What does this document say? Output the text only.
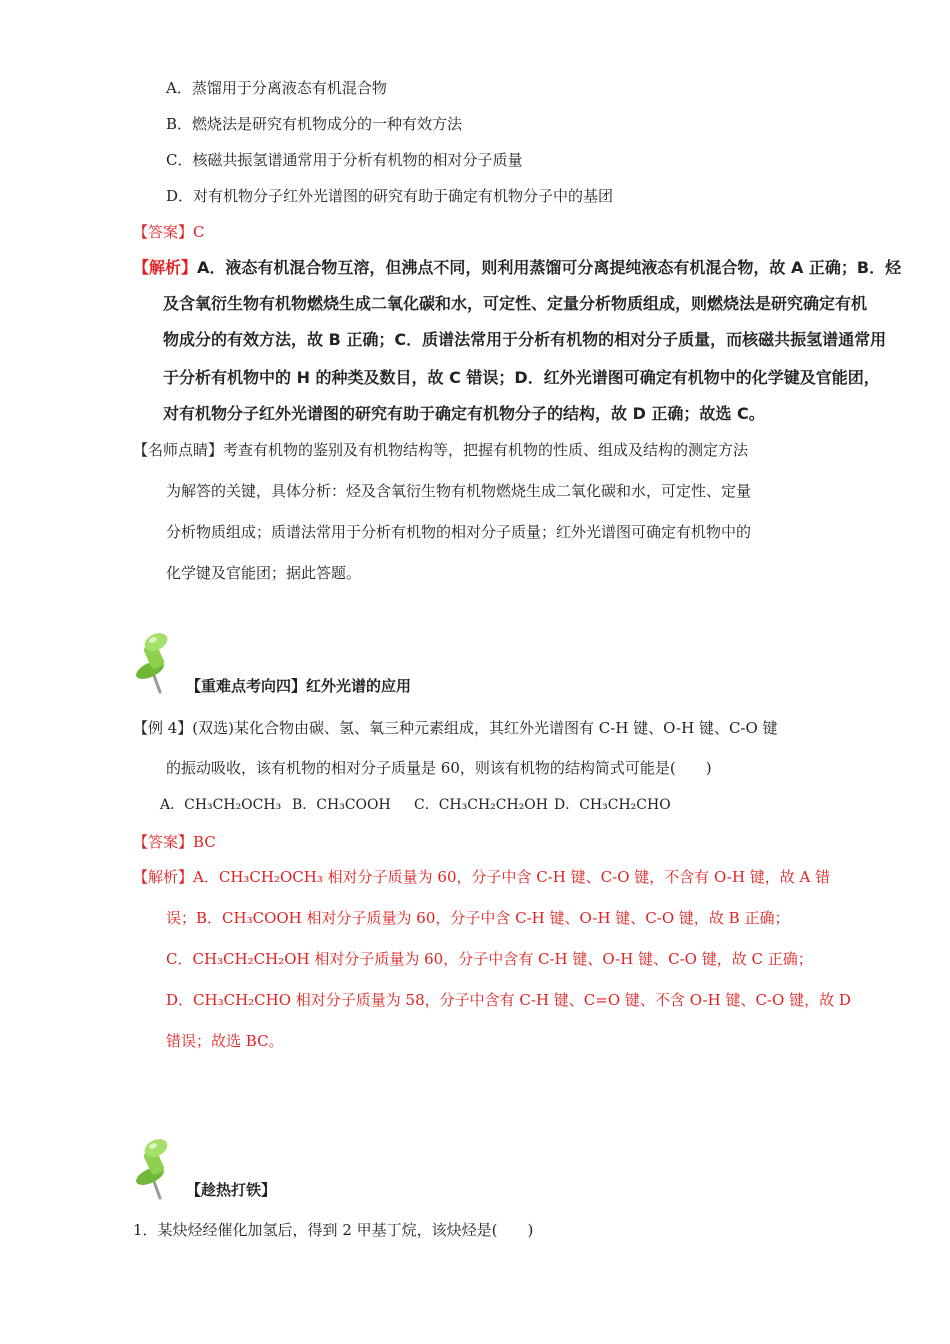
A．蒸馏用于分离液态有机混合物
B．燃烧法是研究有机物成分的一种有效方法
C．核磁共振氢谱通常用于分析有机物的相对分子质量
D．对有机物分子红外光谱图的研究有助于确定有机物分子中的基团
【答案】C
【解析】A．液态有机混合物互溶，但沸点不同，则利用蒸馏可分离提纯液态有机混合物，故 A 正确；B．烃
及含氧衍生物有机物燃烧生成二氧化碳和水，可定性、定量分析物质组成，则燃烧法是研究确定有机
物成分的有效方法，故 B 正确；C．质谱法常用于分析有机物的相对分子质量，而核磁共振氢谱通常用
于分析有机物中的 H 的种类及数目，故 C 错误；D．红外光谱图可确定有机物中的化学键及官能团，
对有机物分子红外光谱图的研究有助于确定有机物分子的结构，故 D 正确；故选 C。
【名师点睛】考查有机物的鉴别及有机物结构等，把握有机物的性质、组成及结构的测定方法
为解答的关键，具体分析：烃及含氧衍生物有机物燃烧生成二氧化碳和水，可定性、定量
分析物质组成；质谱法常用于分析有机物的相对分子质量；红外光谱图可确定有机物中的
化学键及官能团；据此答题。
【重难点考向四】红外光谱的应用
【例 4】(双选)某化合物由碳、氢、氧三种元素组成，其红外光谱图有 C-H 键、O-H 键、C-O 键
的振动吸收，该有机物的相对分子质量是 60，则该有机物的结构简式可能是(　　)
A．CH₃CH₂OCH₃ B．CH₃COOH C．CH₃CH₂CH₂OH D．CH₃CH₂CHO
【答案】BC
【解析】A．CH₃CH₂OCH₃ 相对分子质量为 60，分子中含 C-H 键、C-O 键，不含有 O-H 键，故 A 错
误；B．CH₃COOH 相对分子质量为 60，分子中含 C-H 键、O-H 键、C-O 键，故 B 正确；
C．CH₃CH₂CH₂OH 相对分子质量为 60，分子中含有 C-H 键、O-H 键、C-O 键，故 C 正确；
D．CH₃CH₂CHO 相对分子质量为 58，分子中含有 C-H 键、C=O 键、不含 O-H 键、C-O 键，故 D
错误；故选 BC。
【趁热打铁】
1．某炔烃经催化加氢后，得到 2 甲基丁烷，该炔烃是(　　)
